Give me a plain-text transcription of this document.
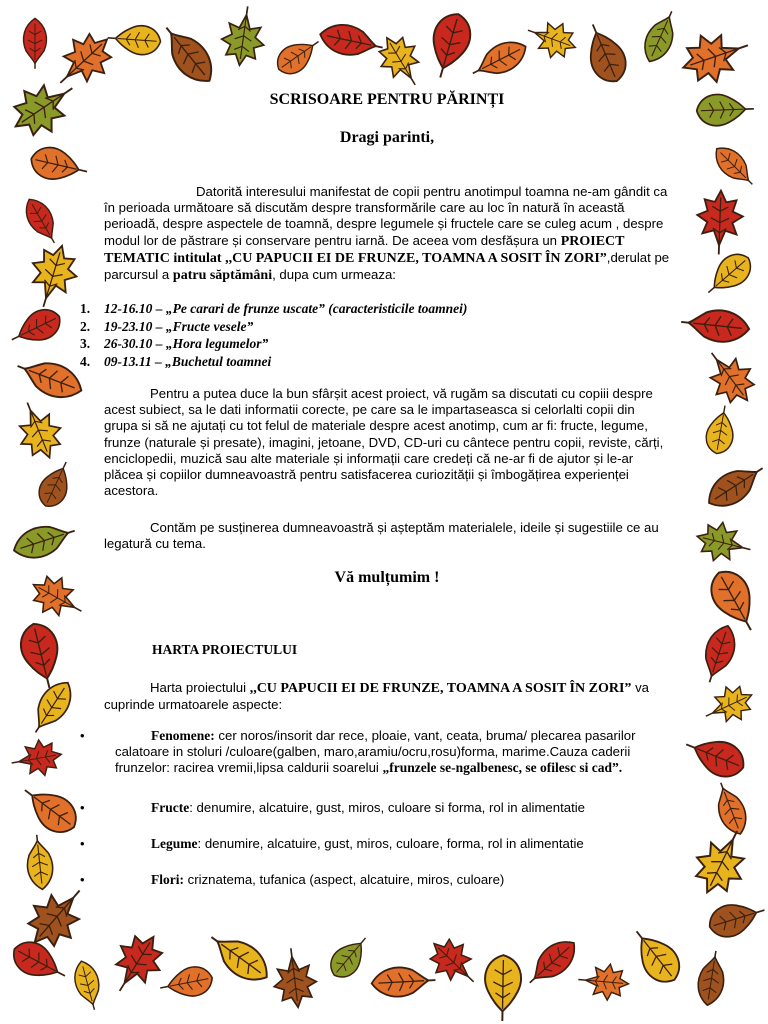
SCRISOARE PENTRU PĂRINȚI
Dragi parinti,

Datorită interesului manifestat de copii pentru anotimpul toamna ne-am gândit ca în perioada următoare să discutăm despre transformările care au loc în natură în această perioadă, despre aspectele de toamnă, despre legumele și fructele care se culeg acum , despre modul lor de păstrare și conservare pentru iarnă. De aceea vom desfășura un PROIECT TEMATIC intitulat ,,CU PAPUCII EI DE FRUNZE, TOAMNA A SOSIT ÎN ZORI”,derulat pe parcursul a patru săptămâni, dupa cum urmeaza:

1.	12-16.10 – „Pe carari de frunze uscate” (caracteristicile toamnei)
2.	19-23.10 – „Fructe vesele”
3.	26-30.10 – „Hora legumelor”
4.	09-13.11 – „Buchetul toamnei

Pentru a putea duce la bun sfârșit acest proiect, vă rugăm sa discutati cu copiii despre acest subiect, sa le dati informatii corecte, pe care sa le impartaseasca si celorlalti copii din grupa si să ne ajutați cu tot felul de materiale despre acest anotimp, cum ar fi: fructe, legume, frunze (naturale și presate), imagini, jetoane, DVD, CD-uri cu cântece pentru copii, reviste, cărți, enciclopedii, muzică sau alte materiale și informații care credeți că ne-ar fi de ajutor și le-ar plăcea și copiilor dumneavoastră pentru satisfacerea curiozității și îmbogățirea experienței acestora.

Contăm pe susținerea dumneavoastră și așteptăm materialele, ideile și sugestiile ce au legatură cu tema.

Vă mulțumim !
HARTA PROIECTULUI

Harta proiectului ,,CU PAPUCII EI DE FRUNZE, TOAMNA A SOSIT ÎN ZORI” va cuprinde urmatoarele aspecte:

•	Fenomene: cer noros/insorit dar rece, ploaie, vant, ceata, bruma/ plecarea pasarilor calatoare in stoluri /culoare(galben, maro,aramiu/ocru,rosu)forma, marime.Cauza caderii frunzelor: racirea vremii,lipsa caldurii soarelui „frunzele se-ngalbenesc, se ofilesc si cad”.
•	Fructe: denumire, alcatuire, gust, miros, culoare si forma, rol in alimentatie
•	Legume: denumire, alcatuire, gust, miros, culoare, forma, rol in alimentatie
•	Flori: criznatema, tufanica (aspect, alcatuire, miros, culoare)
